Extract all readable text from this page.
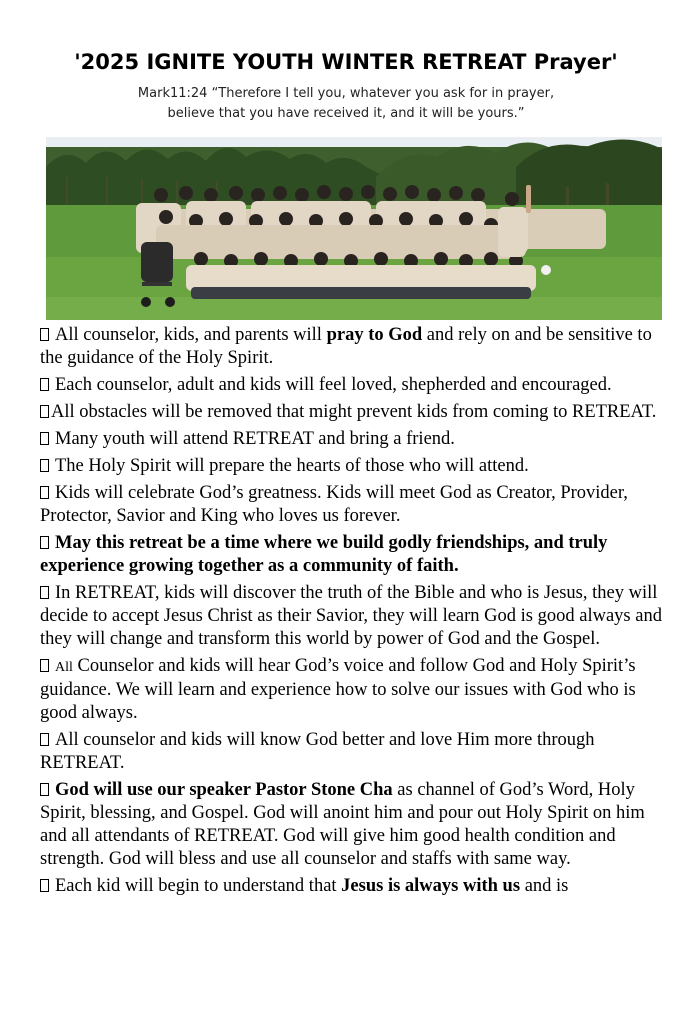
'2025 IGNITE YOUTH WINTER RETREAT Prayer'
Mark11:24 “Therefore I tell you, whatever you ask for in prayer,
believe that you have received it, and it will be yours.”
All counselor, kids, and parents will pray to God and rely on and be sensitive to the guidance of the Holy Spirit.
Each counselor, adult and kids will feel loved, shepherded and encouraged.
All obstacles will be removed that might prevent kids from coming to RETREAT.
Many youth will attend RETREAT and bring a friend.
The Holy Spirit will prepare the hearts of those who will attend.
Kids will celebrate God’s greatness. Kids will meet God as Creator, Provider, Protector, Savior and King who loves us forever.
May this retreat be a time where we build godly friendships, and truly experience growing together as a community of faith.
In RETREAT, kids will discover the truth of the Bible and who is Jesus, they will decide to accept Jesus Christ as their Savior, they will learn God is good always and they will change and transform this world by power of God and the Gospel.
All Counselor and kids will hear God’s voice and follow God and Holy Spirit’s guidance. We will learn and experience how to solve our issues with God who is good always.
All counselor and kids will know God better and love Him more through RETREAT.
God will use our speaker Pastor Stone Cha as channel of God’s Word, Holy Spirit, blessing, and Gospel. God will anoint him and pour out Holy Spirit on him and all attendants of RETREAT. God will give him good health condition and strength. God will bless and use all counselor and staffs with same way.
Each kid will begin to understand that Jesus is always with us and is
